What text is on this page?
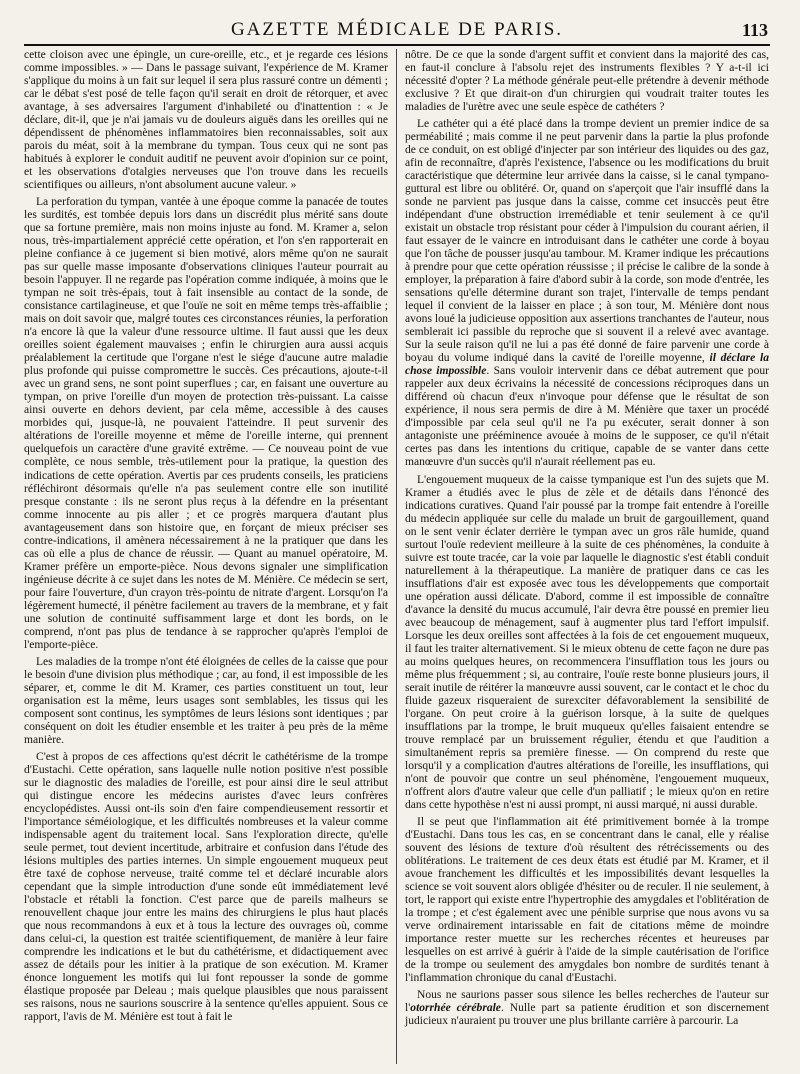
GAZETTE MÉDICALE DE PARIS.	113

cette cloison avec une épingle, un cure-oreille, etc., et je regarde ces lésions comme impossibles. » — Dans le passage suivant, l'expérience de M. Kramer s'applique du moins à un fait sur lequel il sera plus rassuré contre un démenti ; car le débat s'est posé de telle façon qu'il serait en droit de rétorquer, et avec avantage, à ses adversaires l'argument d'inhabileté ou d'inattention : « Je déclare, dit-il, que je n'ai jamais vu de douleurs aiguës dans les oreilles qui ne dépendissent de phénomènes inflammatoires bien reconnaissables, soit aux parois du méat, soit à la membrane du tympan. Tous ceux qui ne sont pas habitués à explorer le conduit auditif ne peuvent avoir d'opinion sur ce point, et les observations d'otalgies nerveuses que l'on trouve dans les recueils scientifiques ou ailleurs, n'ont absolument aucune valeur. »

La perforation du tympan, vantée à une époque comme la panacée de toutes les surdités, est tombée depuis lors dans un discrédit plus mérité sans doute que sa fortune première, mais non moins injuste au fond. M. Kramer a, selon nous, très-impartialement apprécié cette opération, et l'on s'en rapporterait en pleine confiance à ce jugement si bien motivé, alors même qu'on ne saurait pas sur quelle masse imposante d'observations cliniques l'auteur pourrait au besoin l'appuyer. Il ne regarde pas l'opération comme indiquée, à moins que le tympan ne soit très-épais, tout à fait insensible au contact de la sonde, de consistance cartilagineuse, et que l'ouïe ne soit en même temps très-affaiblie ; mais on doit savoir que, malgré toutes ces circonstances réunies, la perforation n'a encore là que la valeur d'une ressource ultime. Il faut aussi que les deux oreilles soient également mauvaises ; enfin le chirurgien aura aussi acquis préalablement la certitude que l'organe n'est le siége d'aucune autre maladie plus profonde qui puisse compromettre le succès. Ces précautions, ajoute-t-il avec un grand sens, ne sont point superflues ; car, en faisant une ouverture au tympan, on prive l'oreille d'un moyen de protection très-puissant. La caisse ainsi ouverte en dehors devient, par cela même, accessible à des causes morbides qui, jusque-là, ne pouvaient l'atteindre. Il peut survenir des altérations de l'oreille moyenne et même de l'oreille interne, qui prennent quelquefois un caractère d'une gravité extrême. — Ce nouveau point de vue complète, ce nous semble, très-utilement pour la pratique, la question des indications de cette opération. Avertis par ces prudents conseils, les praticiens réfléchiront désormais qu'elle n'a pas seulement contre elle son inutilité presque constante : ils ne seront plus reçus à la défendre en la présentant comme innocente au pis aller ; et ce progrès marquera d'autant plus avantageusement dans son histoire que, en forçant de mieux préciser ses contre-indications, il amènera nécessairement à ne la pratiquer que dans les cas où elle a plus de chance de réussir. — Quant au manuel opératoire, M. Kramer préfère un emporte-pièce. Nous devons signaler une simplification ingénieuse décrite à ce sujet dans les notes de M. Ménière. Ce médecin se sert, pour faire l'ouverture, d'un crayon très-pointu de nitrate d'argent. Lorsqu'on l'a légèrement humecté, il pénètre facilement au travers de la membrane, et y fait une solution de continuité suffisamment large et dont les bords, on le comprend, n'ont pas plus de tendance à se rapprocher qu'après l'emploi de l'emporte-pièce.

Les maladies de la trompe n'ont été éloignées de celles de la caisse que pour le besoin d'une division plus méthodique ; car, au fond, il est impossible de les séparer, et, comme le dit M. Kramer, ces parties constituent un tout, leur organisation est la même, leurs usages sont semblables, les tissus qui les composent sont continus, les symptômes de leurs lésions sont identiques ; par conséquent on doit les étudier ensemble et les traiter à peu près de la même manière.

C'est à propos de ces affections qu'est décrit le cathétérisme de la trompe d'Eustachi. Cette opération, sans laquelle nulle notion positive n'est possible sur le diagnostic des maladies de l'oreille, est pour ainsi dire le seul attribut qui distingue encore les médecins auristes d'avec leurs confrères encyclopédistes. Aussi ont-ils soin d'en faire compendieusement ressortir et l'importance séméiologique, et les difficultés nombreuses et la valeur comme indispensable agent du traitement local. Sans l'exploration directe, qu'elle seule permet, tout devient incertitude, arbitraire et confusion dans l'étude des lésions multiples des parties internes. Un simple engouement muqueux peut être taxé de cophose nerveuse, traité comme tel et déclaré incurable alors cependant que la simple introduction d'une sonde eût immédiatement levé l'obstacle et rétabli la fonction. C'est parce que de pareils malheurs se renouvellent chaque jour entre les mains des chirurgiens le plus haut placés que nous recommandons à eux et à tous la lecture des ouvrages où, comme dans celui-ci, la question est traitée scientifiquement, de manière à leur faire comprendre les indications et le but du cathétérisme, et didactiquement avec assez de détails pour les initier à la pratique de son exécution. M. Kramer énonce longuement les motifs qui lui font repousser la sonde de gomme élastique proposée par Deleau ; mais quelque plausibles que nous paraissent ses raisons, nous ne saurions souscrire à la sentence qu'elles appuient. Sous ce rapport, l'avis de M. Ménière est tout à fait le

nôtre. De ce que la sonde d'argent suffit et convient dans la majorité des cas, en faut-il conclure à l'absolu rejet des instruments flexibles ? Y a-t-il ici nécessité d'opter ? La méthode générale peut-elle prétendre à devenir méthode exclusive ? Et que dirait-on d'un chirurgien qui voudrait traiter toutes les maladies de l'urètre avec une seule espèce de cathéters ?

Le cathéter qui a été placé dans la trompe devient un premier indice de sa perméabilité ; mais comme il ne peut parvenir dans la partie la plus profonde de ce conduit, on est obligé d'injecter par son intérieur des liquides ou des gaz, afin de reconnaître, d'après l'existence, l'absence ou les modifications du bruit caractéristique que détermine leur arrivée dans la caisse, si le canal tympano-guttural est libre ou oblitéré. Or, quand on s'aperçoit que l'air insufflé dans la sonde ne parvient pas jusque dans la caisse, comme cet insuccès peut être indépendant d'une obstruction irremédiable et tenir seulement à ce qu'il existait un obstacle trop résistant pour céder à l'impulsion du courant aérien, il faut essayer de le vaincre en introduisant dans le cathéter une corde à boyau que l'on tâche de pousser jusqu'au tambour. M. Kramer indique les précautions à prendre pour que cette opération réussisse ; il précise le calibre de la sonde à employer, la préparation à faire d'abord subir à la corde, son mode d'entrée, les sensations qu'elle détermine durant son trajet, l'intervalle de temps pendant lequel il convient de la laisser en place ; à son tour, M. Ménière dont nous avons loué la judicieuse opposition aux assertions tranchantes de l'auteur, nous semblerait ici passible du reproche que si souvent il a relevé avec avantage. Sur la seule raison qu'il ne lui a pas été donné de faire parvenir une corde à boyau du volume indiqué dans la cavité de l'oreille moyenne, il déclare la chose impossible. Sans vouloir intervenir dans ce débat autrement que pour rappeler aux deux écrivains la nécessité de concessions réciproques dans un différend où chacun d'eux n'invoque pour défense que le résultat de son expérience, il nous sera permis de dire à M. Ménière que taxer un procédé d'impossible par cela seul qu'il ne l'a pu exécuter, serait donner à son antagoniste une prééminence avouée à moins de le supposer, ce qu'il n'était certes pas dans les intentions du critique, capable de se vanter dans cette manœuvre d'un succès qu'il n'aurait réellement pas eu.

L'engouement muqueux de la caisse tympanique est l'un des sujets que M. Kramer a étudiés avec le plus de zèle et de détails dans l'énoncé des indications curatives. Quand l'air poussé par la trompe fait entendre à l'oreille du médecin appliquée sur celle du malade un bruit de gargouillement, quand on le sent venir éclater derrière le tympan avec un gros râle humide, quand surtout l'ouïe redevient meilleure à la suite de ces phénomènes, la conduite à suivre est toute tracée, car la voie par laquelle le diagnostic s'est établi conduit naturellement à la thérapeutique. La manière de pratiquer dans ce cas les insufflations d'air est exposée avec tous les développements que comportait une opération aussi délicate. D'abord, comme il est impossible de connaître d'avance la densité du mucus accumulé, l'air devra être poussé en premier lieu avec beaucoup de ménagement, sauf à augmenter plus tard l'effort impulsif. Lorsque les deux oreilles sont affectées à la fois de cet engouement muqueux, il faut les traiter alternativement. Si le mieux obtenu de cette façon ne dure pas au moins quelques heures, on recommencera l'insufflation tous les jours ou même plus fréquemment ; si, au contraire, l'ouïe reste bonne plusieurs jours, il serait inutile de réitérer la manœuvre aussi souvent, car le contact et le choc du fluide gazeux risqueraient de surexciter défavorablement la sensibilité de l'organe. On peut croire à la guérison lorsque, à la suite de quelques insufflations par la trompe, le bruit muqueux qu'elles faisaient entendre se trouve remplacé par un bruissement régulier, étendu et que l'audition a simultanément repris sa première finesse. — On comprend du reste que lorsqu'il y a complication d'autres altérations de l'oreille, les insufflations, qui n'ont de pouvoir que contre un seul phénomène, l'engouement muqueux, n'offrent alors d'autre valeur que celle d'un palliatif ; le mieux qu'on en retire dans cette hypothèse n'est ni aussi prompt, ni aussi marqué, ni aussi durable.

Il se peut que l'inflammation ait été primitivement bornée à la trompe d'Eustachi. Dans tous les cas, en se concentrant dans le canal, elle y réalise souvent des lésions de texture d'où résultent des rétrécissements ou des oblitérations. Le traitement de ces deux états est étudié par M. Kramer, et il avoue franchement les difficultés et les impossibilités devant lesquelles la science se voit souvent alors obligée d'hésiter ou de reculer. Il nie seulement, à tort, le rapport qui existe entre l'hypertrophie des amygdales et l'oblitération de la trompe ; et c'est également avec une pénible surprise que nous avons vu sa verve ordinairement intarissable en fait de citations même de moindre importance rester muette sur les recherches récentes et heureuses par lesquelles on est arrivé à guérir à l'aide de la simple cautérisation de l'orifice de la trompe ou seulement des amygdales bon nombre de surdités tenant à l'inflammation chronique du canal d'Eustachi.

Nous ne saurions passer sous silence les belles recherches de l'auteur sur l'otorrhée cérébrale. Nulle part sa patiente érudition et son discernement judicieux n'auraient pu trouver une plus brillante carrière à parcourir. La
